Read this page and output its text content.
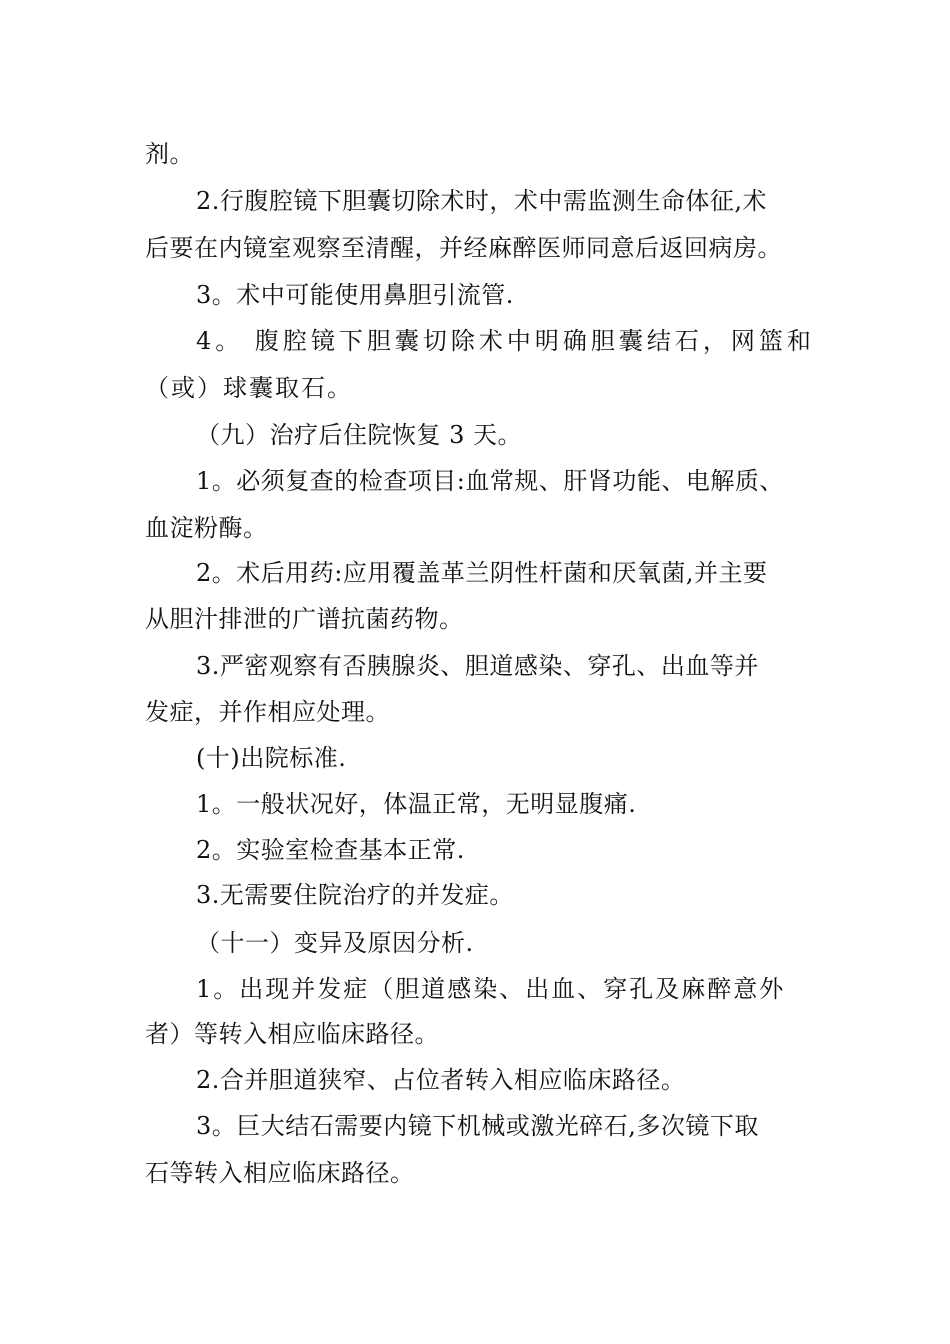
剂。
2.行腹腔镜下胆囊切除术时，术中需监测生命体征,术
后要在内镜室观察至清醒，并经麻醉医师同意后返回病房。
3。术中可能使用鼻胆引流管.
4。 腹腔镜下胆囊切除术中明确胆囊结石，网篮和
（或）球囊取石。
（九）治疗后住院恢复 3 天。
1。必须复查的检查项目:血常规、肝肾功能、电解质、
血淀粉酶。
2。术后用药:应用覆盖革兰阴性杆菌和厌氧菌,并主要
从胆汁排泄的广谱抗菌药物。
3.严密观察有否胰腺炎、胆道感染、穿孔、出血等并
发症，并作相应处理。
(十)出院标准.
1。一般状况好，体温正常，无明显腹痛.
2。实验室检查基本正常.
3.无需要住院治疗的并发症。
（十一）变异及原因分析.
1。出现并发症（胆道感染、出血、穿孔及麻醉意外
者）等转入相应临床路径。
2.合并胆道狭窄、占位者转入相应临床路径。
3。巨大结石需要内镜下机械或激光碎石,多次镜下取
石等转入相应临床路径。
